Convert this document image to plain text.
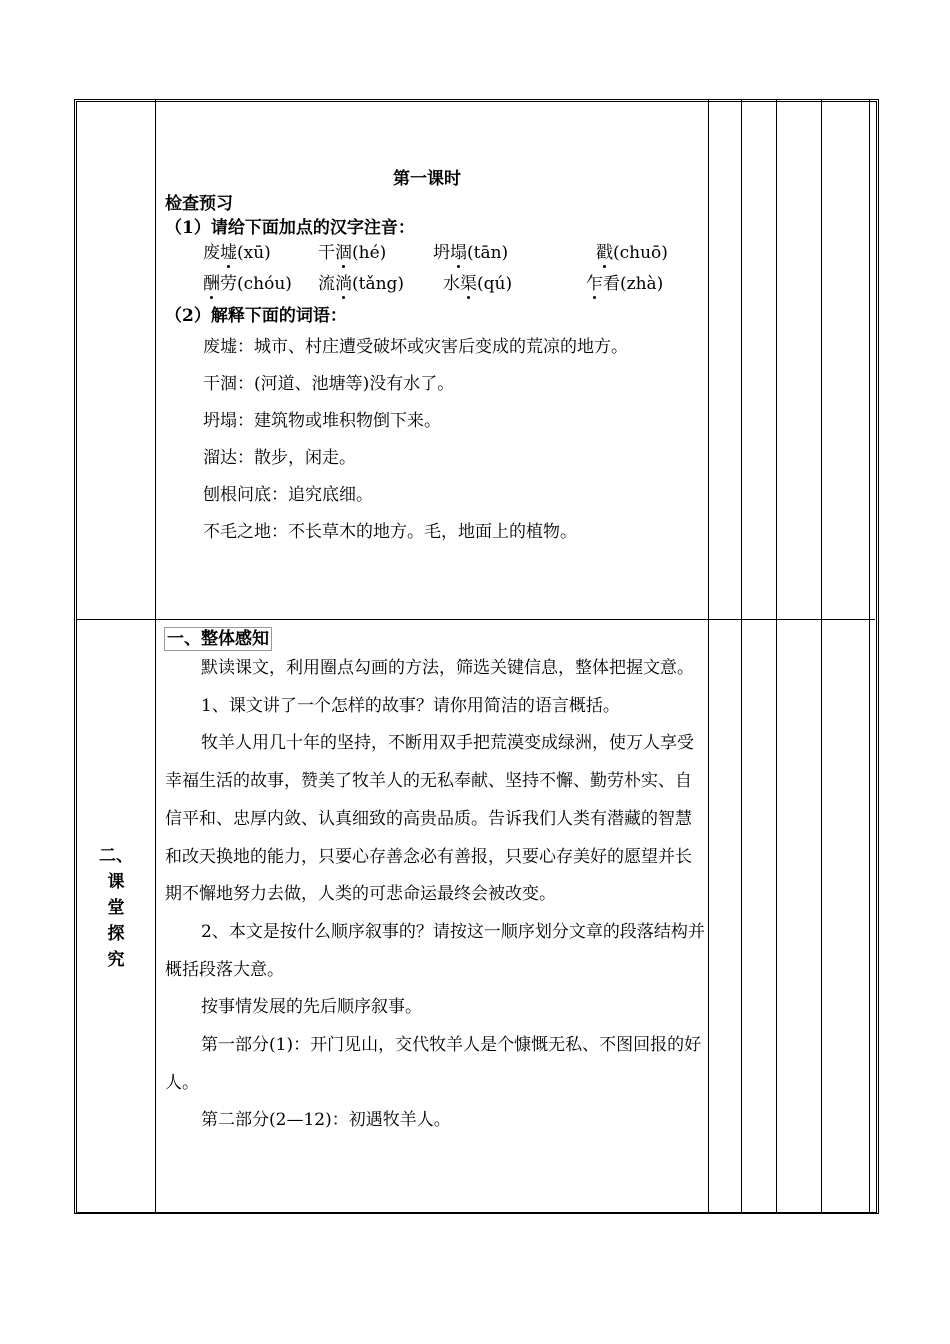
第一课时
检查预习
（1）请给下面加点的汉字注音：
废墟(xū)	干涸(hé)	坍塌(tān)	戳(chuō)
酬劳(chóu) 流淌(tǎng) 水渠(qú)	乍看(zhà)
（2）解释下面的词语：
废墟：城市、村庄遭受破坏或灾害后变成的荒凉的地方。
干涸：(河道、池塘等)没有水了。
坍塌：建筑物或堆积物倒下来。
溜达：散步，闲走。
刨根问底：追究底细。
不毛之地：不长草木的地方。毛，地面上的植物。
二、
课
堂
探
究
一、整体感知

默读课文，利用圈点勾画的方法，筛选关键信息，整体把握文意。

1、课文讲了一个怎样的故事？请你用简洁的语言概括。

牧羊人用几十年的坚持，不断用双手把荒漠变成绿洲，使万人享受幸福生活的故事，赞美了牧羊人的无私奉献、坚持不懈、勤劳朴实、自信平和、忠厚内敛、认真细致的高贵品质。告诉我们人类有潜藏的智慧和改天换地的能力，只要心存善念必有善报，只要心存美好的愿望并长期不懈地努力去做，人类的可悲命运最终会被改变。

2、本文是按什么顺序叙事的？请按这一顺序划分文章的段落结构并概括段落大意。

按事情发展的先后顺序叙事。

第一部分(1)：开门见山，交代牧羊人是个慷慨无私、不图回报的好人。

第二部分(2—12)：初遇牧羊人。
